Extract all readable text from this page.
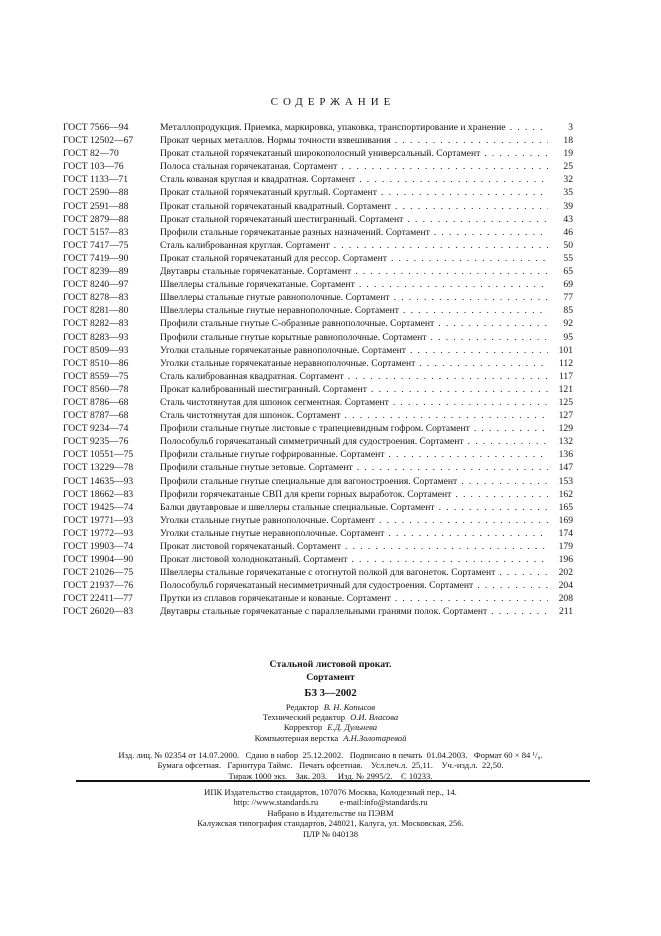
СОДЕРЖАНИЕ
ГОСТ 7566—94	Металлопродукция. Приемка, маркировка, упаковка, транспортирование и хранение . . .	3
ГОСТ 12502—67	Прокат черных металлов. Нормы точности взвешивания . . .	18
ГОСТ 82—70	Прокат стальной горячекатаный широкополосный универсальный. Сортамент . . .	19
ГОСТ 103—76	Полоса стальная горячекатаная. Сортамент . . .	25
ГОСТ 1133—71	Сталь кованая круглая и квадратная. Сортамент . . .	32
ГОСТ 2590—88	Прокат стальной горячекатаный круглый. Сортамент . . .	35
ГОСТ 2591—88	Прокат стальной горячекатаный квадратный. Сортамент . . .	39
ГОСТ 2879—88	Прокат стальной горячекатаный шестигранный. Сортамент . . .	43
ГОСТ 5157—83	Профили стальные горячекатаные разных назначений. Сортамент . . .	46
ГОСТ 7417—75	Сталь калиброванная круглая. Сортамент . . .	50
ГОСТ 7419—90	Прокат стальной горячекатаный для рессор. Сортамент . . .	55
ГОСТ 8239—89	Двутавры стальные горячекатаные. Сортамент . . .	65
ГОСТ 8240—97	Швеллеры стальные горячекатаные. Сортамент . . .	69
ГОСТ 8278—83	Швеллеры стальные гнутые равнополочные. Сортамент . . .	77
ГОСТ 8281—80	Швеллеры стальные гнутые неравнополочные. Сортамент . . .	85
ГОСТ 8282—83	Профили стальные гнутые С-образные равнополочные. Сортамент . . .	92
ГОСТ 8283—93	Профили стальные гнутые корытные равнополочные. Сортамент . . .	95
ГОСТ 8509—93	Уголки стальные горячекатаные равнополочные. Сортамент . . .	101
ГОСТ 8510—86	Уголки стальные горячекатаные неравнополочные. Сортамент . . .	112
ГОСТ 8559—75	Сталь калиброванная квадратная. Сортамент . . .	117
ГОСТ 8560—78	Прокат калиброванный шестигранный. Сортамент . . .	121
ГОСТ 8786—68	Сталь чистотянутая для шпонок сегментная. Сортамент . . .	125
ГОСТ 8787—68	Сталь чистотянутая для шпонок. Сортамент . . .	127
ГОСТ 9234—74	Профили стальные гнутые листовые с трапециевидным гофром. Сортамент . . .	129
ГОСТ 9235—76	Полособульб горячекатаный симметричный для судостроения. Сортамент . . .	132
ГОСТ 10551—75	Профили стальные гнутые гофрированные. Сортамент . . .	136
ГОСТ 13229—78	Профили стальные гнутые зетовые. Сортамент . . .	147
ГОСТ 14635—93	Профили стальные гнутые специальные для вагоностроения. Сортамент . . .	153
ГОСТ 18662—83	Профили горячекатаные СВП для крепи горных выработок. Сортамент . . .	162
ГОСТ 19425—74	Балки двутавровые и швеллеры стальные специальные. Сортамент . . .	165
ГОСТ 19771—93	Уголки стальные гнутые равнополочные. Сортамент . . .	169
ГОСТ 19772—93	Уголки стальные гнутые неравнополочные. Сортамент . . .	174
ГОСТ 19903—74	Прокат листовой горячекатаный. Сортамент . . .	179
ГОСТ 19904—90	Прокат листовой холоднокатаный. Сортамент . . .	196
ГОСТ 21026—75	Швеллеры стальные горячекатаные с отогнутой полкой для вагонеток. Сортамент . . .	202
ГОСТ 21937—76	Полособульб горячекатаный несимметричный для судостроения. Сортамент . . .	204
ГОСТ 22411—77	Прутки из сплавов горячекатаные и кованые. Сортамент . . .	208
ГОСТ 26020—83	Двутавры стальные горячекатаные с параллельными гранями полок. Сортамент . . .	211
Стальной листовой прокат.
Сортамент
БЗ 3—2002
Редактор В. Н. Копысов
Технический редактор О.И. Власова
Корректор Е.Д. Дульнева
Компьютерная верстка А.Н.Золотаревой
Изд. лиц. № 02354 от 14.07.2000.   Сдано в набор  25.12.2002.   Подписано в печать  01.04.2003.   Формат 60 × 84 ¹/₈.
Бумага офсетная.   Гарнитура Таймс.   Печать офсетная.    Усл.печ.л.  25,11.    Уч.-изд.л.  22,50.
Тираж 1000 экз.    Зак. 203.     Изд. № 2995/2.    С 10233.
ИПК Издательство стандартов, 107076 Москва, Колодезный пер., 14.
http: //www.standards.ru          e-mail:info@standards.ru
Набрано в Издательстве на ПЭВМ
Калужская типография стандартов, 248021, Калуга, ул. Московская, 256.
ПЛР № 040138
